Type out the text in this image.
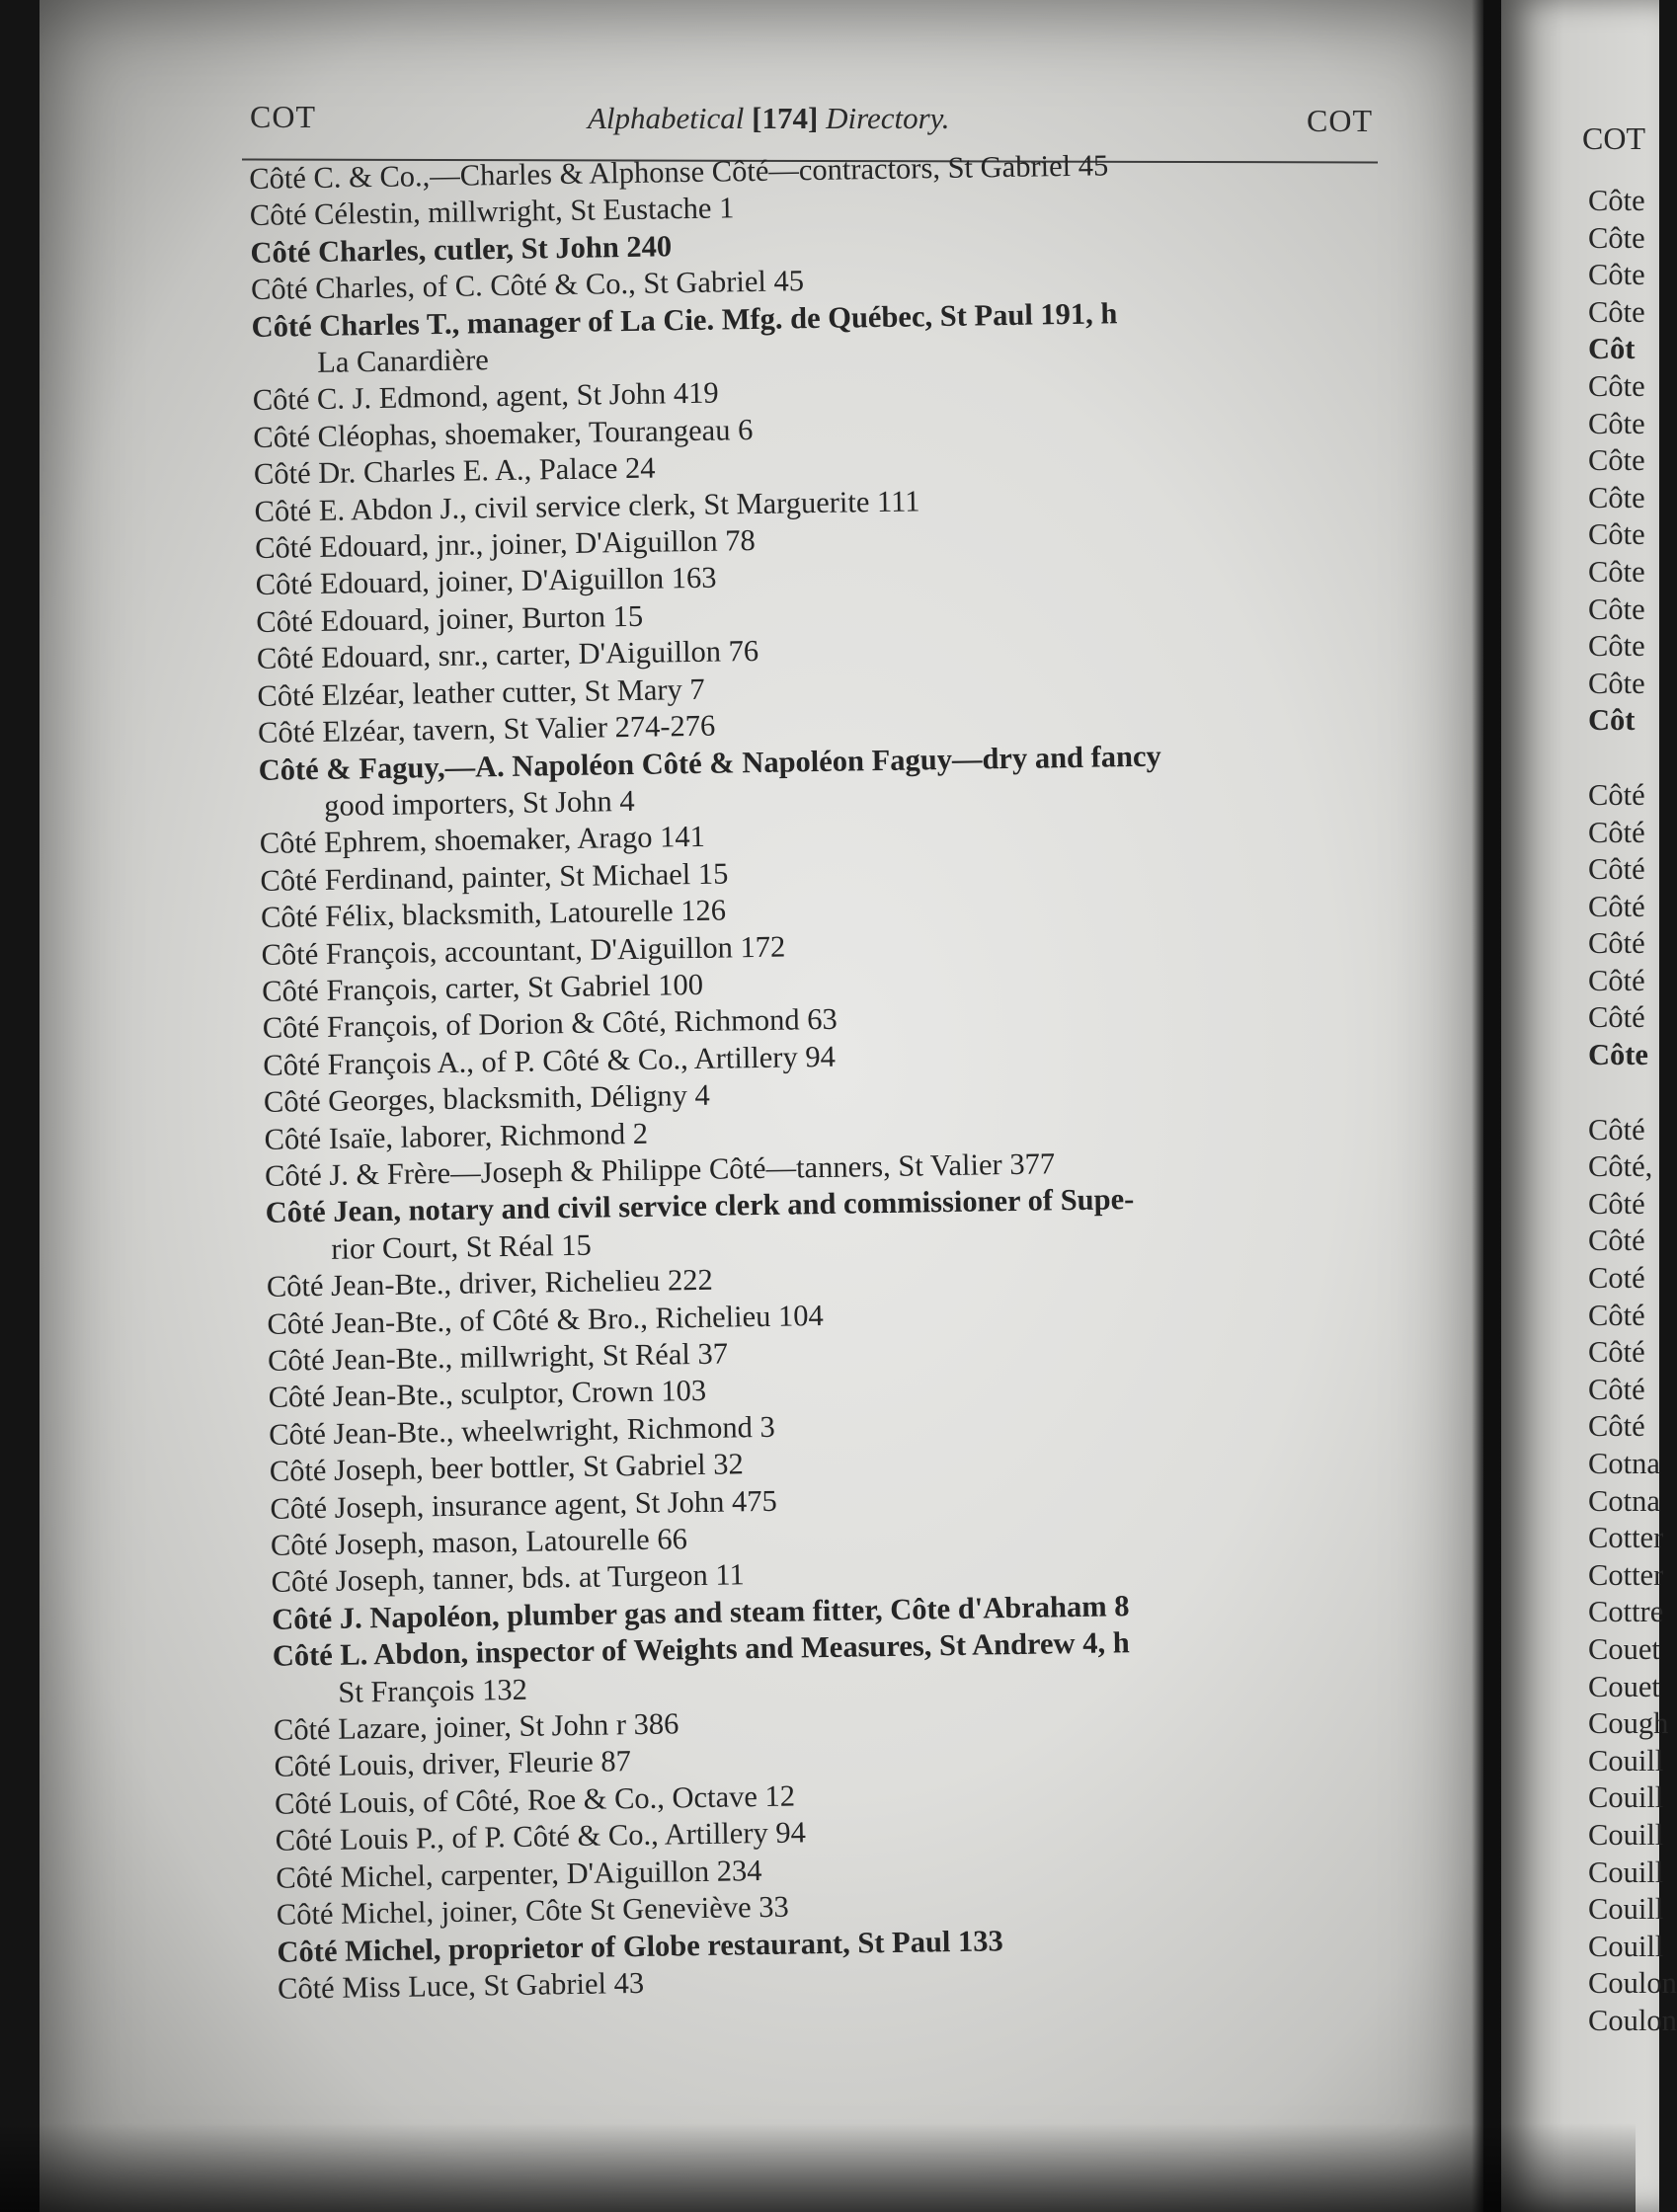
COT
Côte
Côte
Côte
Côte
Côt
Côte
Côte
Côte
Côte
Côte
Côte
Côte
Côte
Côte
Côt
Côté
Côté
Côté
Côté
Côté
Côté
Côté
Côte
Côté
Côté,
Côté
Côté
Coté
Côté
Côté
Côté
Côté
Cotna
Cotna
Cotter
Cotter
Cottre
Couet
Couet
Cough
Couill
Couill
Couill
Couill
Couill
Couill
Coulon
Coulon
COT	Alphabetical [174] Directory.	COT
Côté C. & Co.,—Charles & Alphonse Côté—contractors, St Gabriel 45
Côté Célestin, millwright, St Eustache 1
Côté Charles, cutler, St John 240
Côté Charles, of C. Côté & Co., St Gabriel 45
Côté Charles T., manager of La Cie. Mfg. de Québec, St Paul 191, h
La Canardière
Côté C. J. Edmond, agent, St John 419
Côté Cléophas, shoemaker, Tourangeau 6
Côté Dr. Charles E. A., Palace 24
Côté E. Abdon J., civil service clerk, St Marguerite 111
Côté Edouard, jnr., joiner, D'Aiguillon 78
Côté Edouard, joiner, D'Aiguillon 163
Côté Edouard, joiner, Burton 15
Côté Edouard, snr., carter, D'Aiguillon 76
Côté Elzéar, leather cutter, St Mary 7
Côté Elzéar, tavern, St Valier 274-276
Côté & Faguy,—A. Napoléon Côté & Napoléon Faguy—dry and fancy
good importers, St John 4
Côté Ephrem, shoemaker, Arago 141
Côté Ferdinand, painter, St Michael 15
Côté Félix, blacksmith, Latourelle 126
Côté François, accountant, D'Aiguillon 172
Côté François, carter, St Gabriel 100
Côté François, of Dorion & Côté, Richmond 63
Côté François A., of P. Côté & Co., Artillery 94
Côté Georges, blacksmith, Déligny 4
Côté Isaïe, laborer, Richmond 2
Côté J. & Frère—Joseph & Philippe Côté—tanners, St Valier 377
Côté Jean, notary and civil service clerk and commissioner of Supe-
rior Court, St Réal 15
Côté Jean-Bte., driver, Richelieu 222
Côté Jean-Bte., of Côté & Bro., Richelieu 104
Côté Jean-Bte., millwright, St Réal 37
Côté Jean-Bte., sculptor, Crown 103
Côté Jean-Bte., wheelwright, Richmond 3
Côté Joseph, beer bottler, St Gabriel 32
Côté Joseph, insurance agent, St John 475
Côté Joseph, mason, Latourelle 66
Côté Joseph, tanner, bds. at Turgeon 11
Côté J. Napoléon, plumber gas and steam fitter, Côte d'Abraham 8
Côté L. Abdon, inspector of Weights and Measures, St Andrew 4, h
St François 132
Côté Lazare, joiner, St John r 386
Côté Louis, driver, Fleurie 87
Côté Louis, of Côté, Roe & Co., Octave 12
Côté Louis P., of P. Côté & Co., Artillery 94
Côté Michel, carpenter, D'Aiguillon 234
Côté Michel, joiner, Côte St Geneviève 33
Côté Michel, proprietor of Globe restaurant, St Paul 133
Côté Miss Luce, St Gabriel 43
